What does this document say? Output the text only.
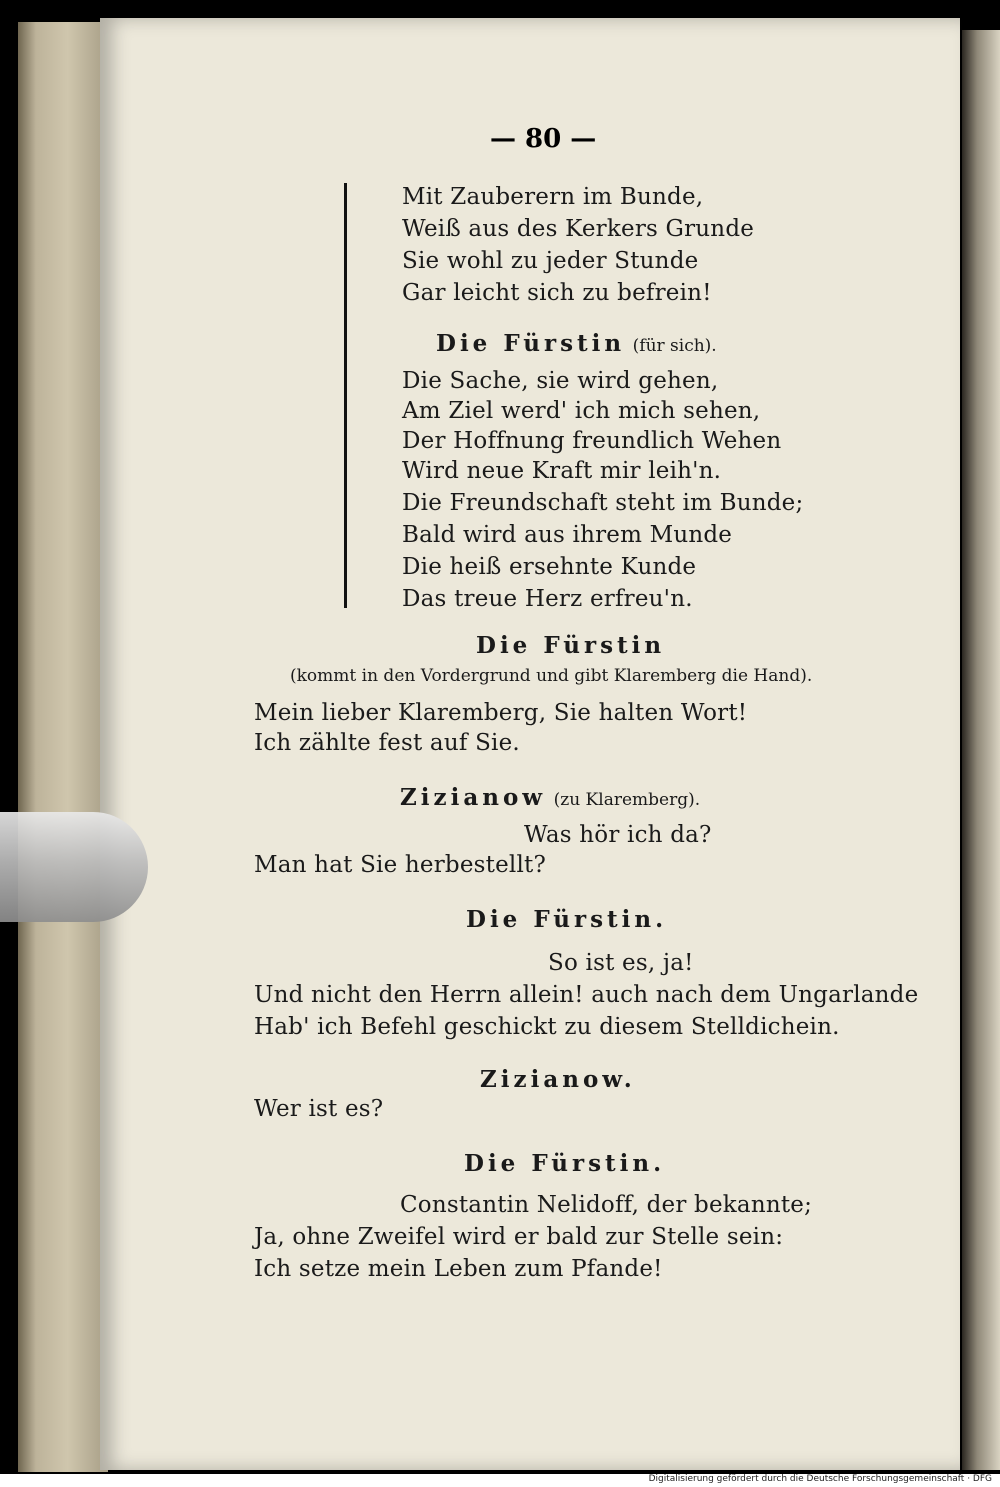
— 80 —
Mit Zauberern im Bunde,
Weiß aus des Kerkers Grunde
Sie wohl zu jeder Stunde
Gar leicht sich zu befrein!
Die Fürstin (für sich).
Die Sache, sie wird gehen,
Am Ziel werd' ich mich sehen,
Der Hoffnung freundlich Wehen
Wird neue Kraft mir leih'n.
Die Freundschaft steht im Bunde;
Bald wird aus ihrem Munde
Die heiß ersehnte Kunde
Das treue Herz erfreu'n.
Die Fürstin
(kommt in den Vordergrund und gibt Klaremberg die Hand).
Mein lieber Klaremberg, Sie halten Wort!
Ich zählte fest auf Sie.
Zizianow (zu Klaremberg).
Was hör ich da?
Man hat Sie herbestellt?
Die Fürstin.
So ist es, ja!
Und nicht den Herrn allein! auch nach dem Ungarlande
Hab' ich Befehl geschickt zu diesem Stelldichein.
Zizianow.
Wer ist es?
Die Fürstin.
Constantin Nelidoff, der bekannte;
Ja, ohne Zweifel wird er bald zur Stelle sein:
Ich setze mein Leben zum Pfande!
Digitalisierung gefördert durch die Deutsche Forschungsgemeinschaft · DFG
